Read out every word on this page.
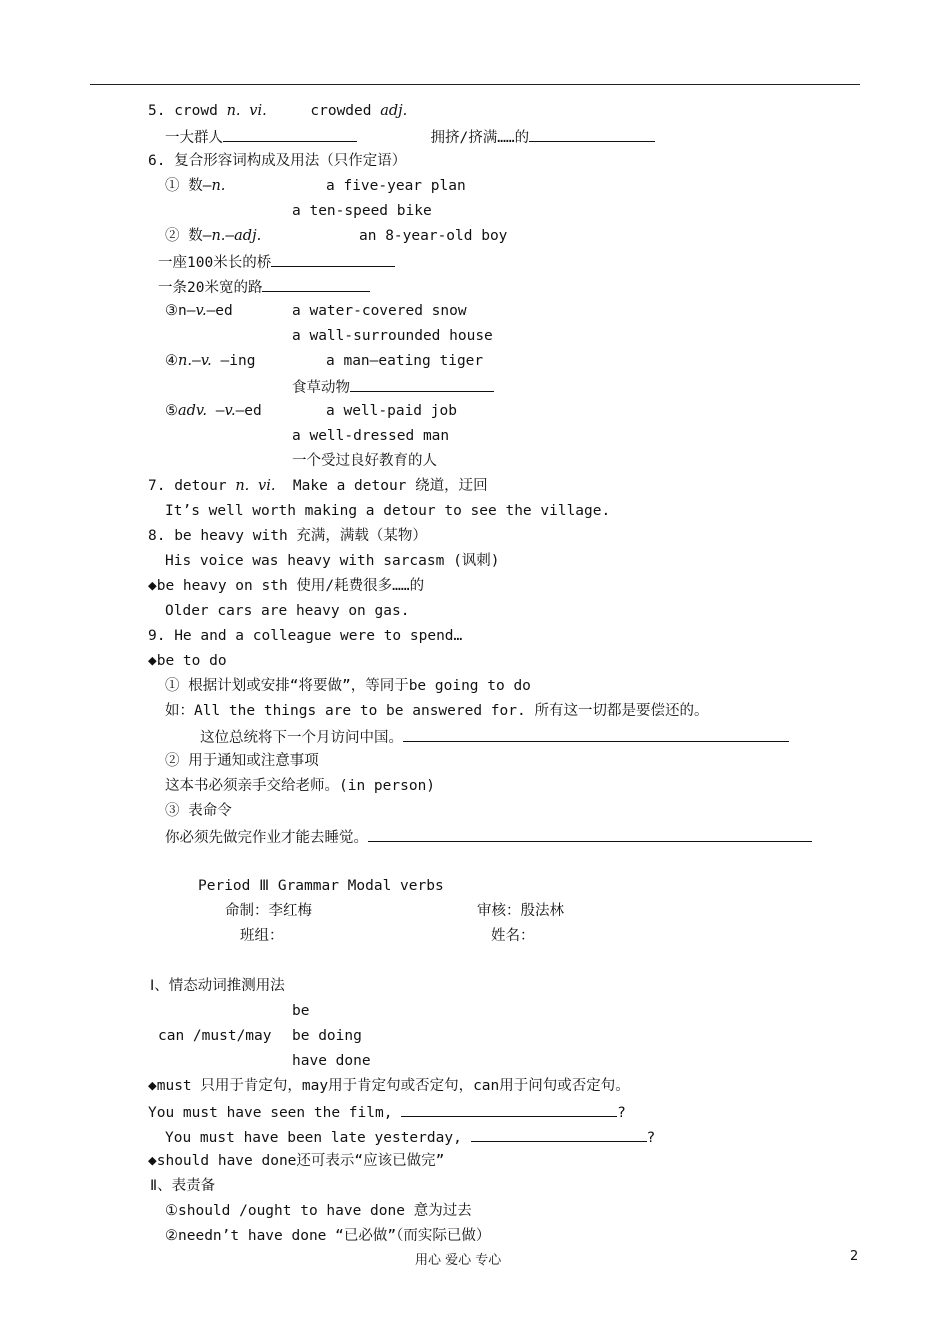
5. crowd n. vi.	crowded adj.
一大群人	拥挤/挤满……的
6. 复合形容词构成及用法（只作定语）
① 数—n.	a five-year plan
a ten-speed bike
② 数—n.—adj.	an 8-year-old boy
一座100米长的桥
一条20米宽的路
③n—v.—ed	a water-covered snow
a wall-surrounded house
④n.—v. —ing	a man—eating tiger
食草动物
⑤adv. —v.—ed	a well-paid job
a well-dressed man
一个受过良好教育的人
7. detour n. vi. Make a detour 绕道，迂回
It’s well worth making a detour to see the village.
8. be heavy with 充满，满载（某物）
His voice was heavy with sarcasm (讽刺)
◆be heavy on sth 使用/耗费很多……的
Older cars are heavy on gas.
9. He and a colleague were to spend…
◆be to do
① 根据计划或安排“将要做”，等同于be going to do
如：All the things are to be answered for. 所有这一切都是要偿还的。
这位总统将下一个月访问中国。
② 用于通知或注意事项
这本书必须亲手交给老师。(in person)
③ 表命令
你必须先做完作业才能去睡觉。
Period Ⅲ Grammar Modal verbs
命制：李红梅	审核：殷法林
班组：	姓名：
Ⅰ、情态动词推测用法
be
can /must/may be doing
have done
◆must 只用于肯定句，may用于肯定句或否定句，can用于问句或否定句。
You must have seen the film,	?
You must have been late yesterday,	?
◆should have done还可表示“应该已做完”
Ⅱ、表责备
①should /ought to have done 意为过去
②needn’t have done “已必做”（而实际已做）
用心 爱心 专心	2
